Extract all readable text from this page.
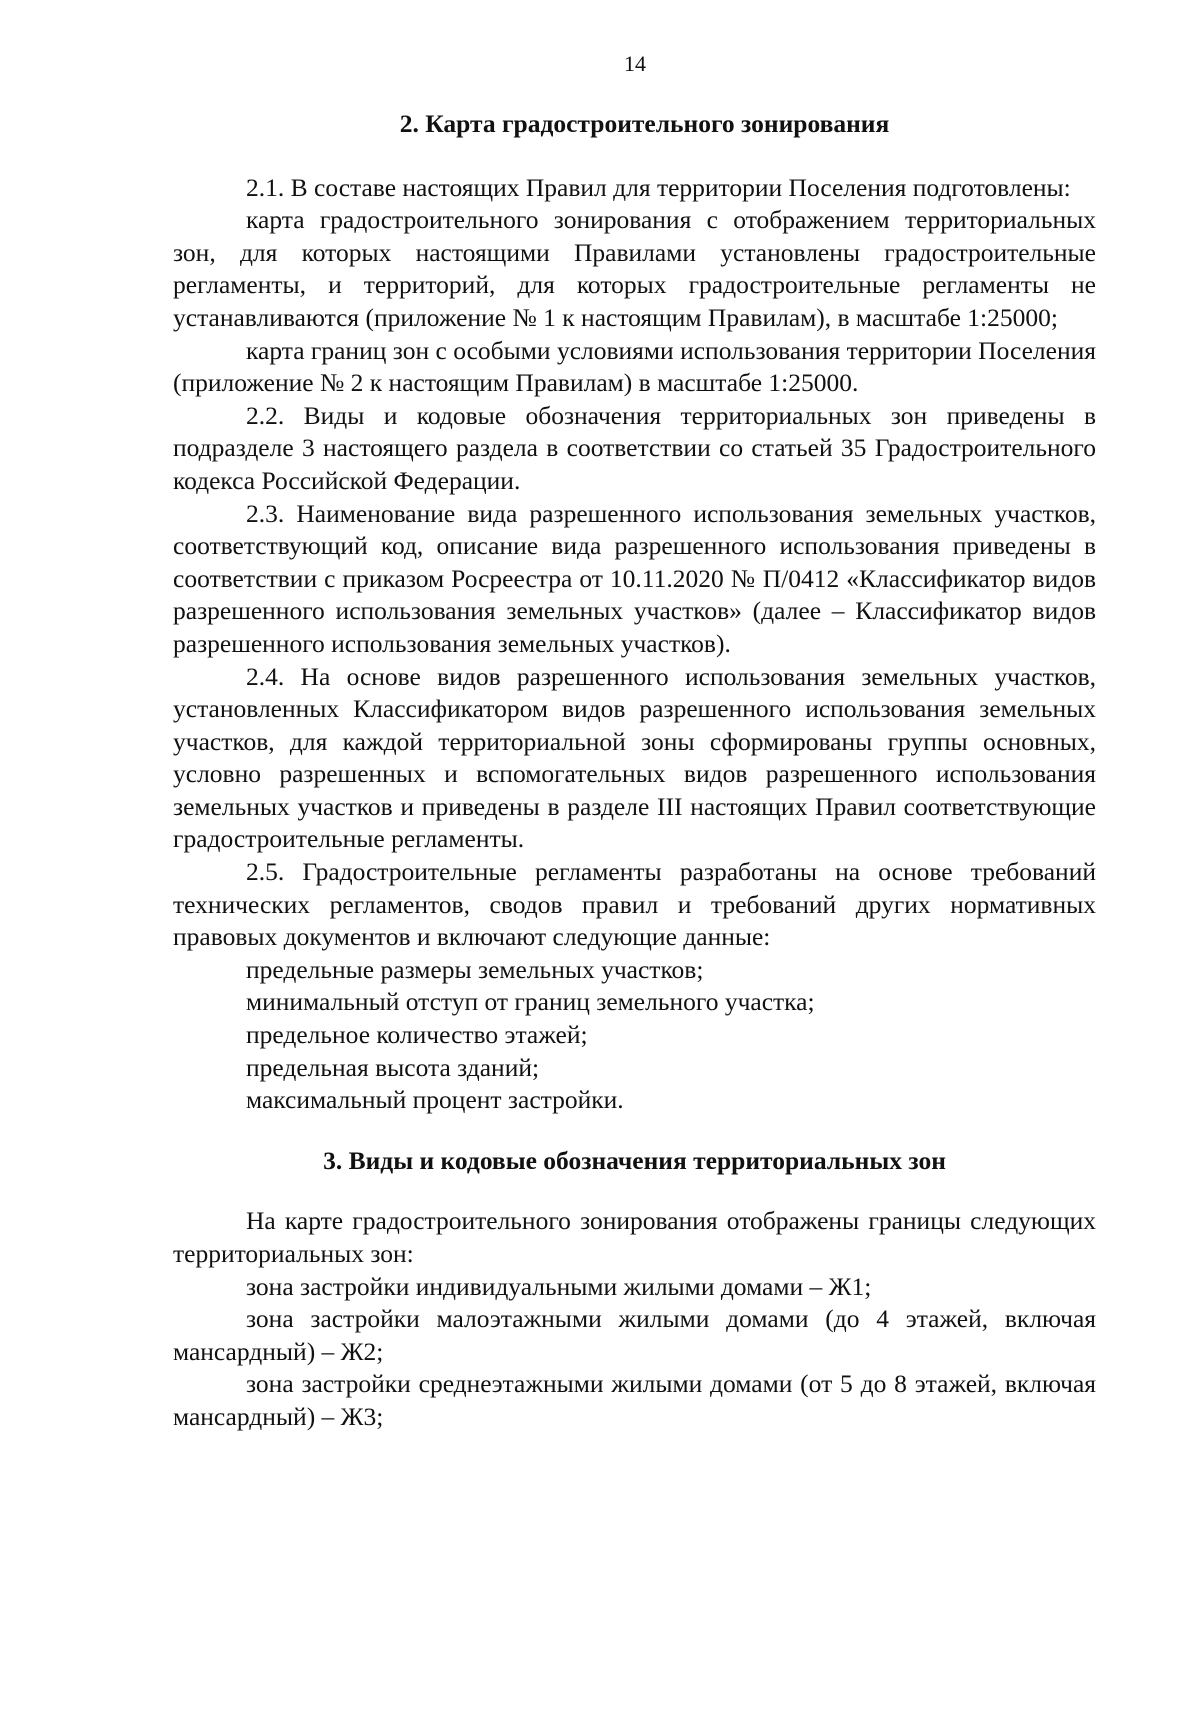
14
2. Карта градостроительного зонирования

2.1. В составе настоящих Правил для территории Поселения подготовлены:

карта градостроительного зонирования с отображением территориальных зон, для которых настоящими Правилами установлены градостроительные регламенты, и территорий, для которых градостроительные регламенты не устанавливаются (приложение № 1 к настоящим Правилам), в масштабе 1:25000;

карта границ зон с особыми условиями использования территории Поселения (приложение № 2 к настоящим Правилам) в масштабе 1:25000.

2.2. Виды и кодовые обозначения территориальных зон приведены в подразделе 3 настоящего раздела в соответствии со статьей 35 Градостроительного кодекса Российской Федерации.

2.3. Наименование вида разрешенного использования земельных участков, соответствующий код, описание вида разрешенного использования приведены в соответствии с приказом Росреестра от 10.11.2020 № П/0412 «Классификатор видов разрешенного использования земельных участков» (далее – Классификатор видов разрешенного использования земельных участков).

2.4. На основе видов разрешенного использования земельных участков, установленных Классификатором видов разрешенного использования земельных участков, для каждой территориальной зоны сформированы группы основных, условно разрешенных и вспомогательных видов разрешенного использования земельных участков и приведены в разделе III настоящих Правил соответствующие градостроительные регламенты.

2.5. Градостроительные регламенты разработаны на основе требований технических регламентов, сводов правил и требований других нормативных правовых документов и включают следующие данные:

предельные размеры земельных участков;
минимальный отступ от границ земельного участка;
предельное количество этажей;
предельная высота зданий;
максимальный процент застройки.
3. Виды и кодовые обозначения территориальных зон

На карте градостроительного зонирования отображены границы следующих территориальных зон:

зона застройки индивидуальными жилыми домами – Ж1;

зона застройки малоэтажными жилыми домами (до 4 этажей, включая мансардный) – Ж2;

зона застройки среднеэтажными жилыми домами (от 5 до 8 этажей, включая мансардный) – Ж3;
